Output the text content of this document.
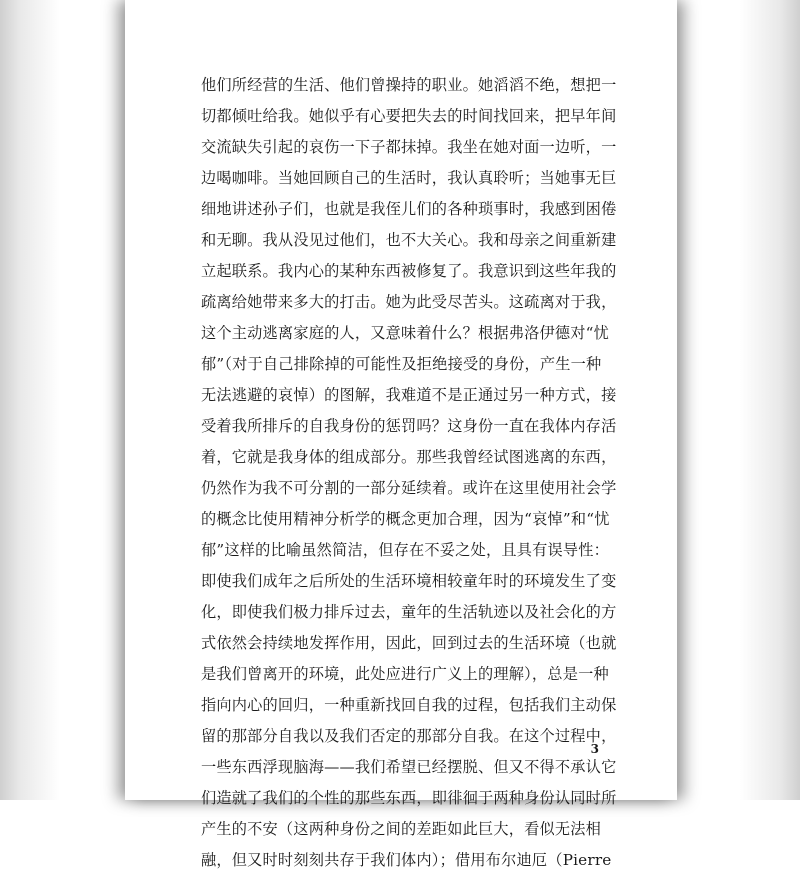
他们所经营的生活、他们曾操持的职业。她滔滔不绝，想把一
切都倾吐给我。她似乎有心要把失去的时间找回来，把早年间
交流缺失引起的哀伤一下子都抹掉。我坐在她对面一边听，一
边喝咖啡。当她回顾自己的生活时，我认真聆听；当她事无巨
细地讲述孙子们，也就是我侄儿们的各种琐事时，我感到困倦
和无聊。我从没见过他们，也不大关心。我和母亲之间重新建
立起联系。我内心的某种东西被修复了。我意识到这些年我的
疏离给她带来多大的打击。她为此受尽苦头。这疏离对于我，
这个主动逃离家庭的人，又意味着什么？根据弗洛伊德对“忧
郁”（对于自己排除掉的可能性及拒绝接受的身份，产生一种
无法逃避的哀悼）的图解，我难道不是正通过另一种方式，接
受着我所排斥的自我身份的惩罚吗？这身份一直在我体内存活
着，它就是我身体的组成部分。那些我曾经试图逃离的东西，
仍然作为我不可分割的一部分延续着。或许在这里使用社会学
的概念比使用精神分析学的概念更加合理，因为“哀悼”和“忧
郁”这样的比喻虽然简洁，但存在不妥之处，且具有误导性：
即使我们成年之后所处的生活环境相较童年时的环境发生了变
化，即使我们极力排斥过去，童年的生活轨迹以及社会化的方
式依然会持续地发挥作用，因此，回到过去的生活环境（也就
是我们曾离开的环境，此处应进行广义上的理解），总是一种
指向内心的回归，一种重新找回自我的过程，包括我们主动保
留的那部分自我以及我们否定的那部分自我。在这个过程中，
一些东西浮现脑海——我们希望已经摆脱、但又不得不承认它
们造就了我们的个性的那些东西，即徘徊于两种身份认同时所
产生的不安（这两种身份之间的差距如此巨大，看似无法相
融，但又时时刻刻共存于我们体内）；借用布尔迪厄（Pierre
3
